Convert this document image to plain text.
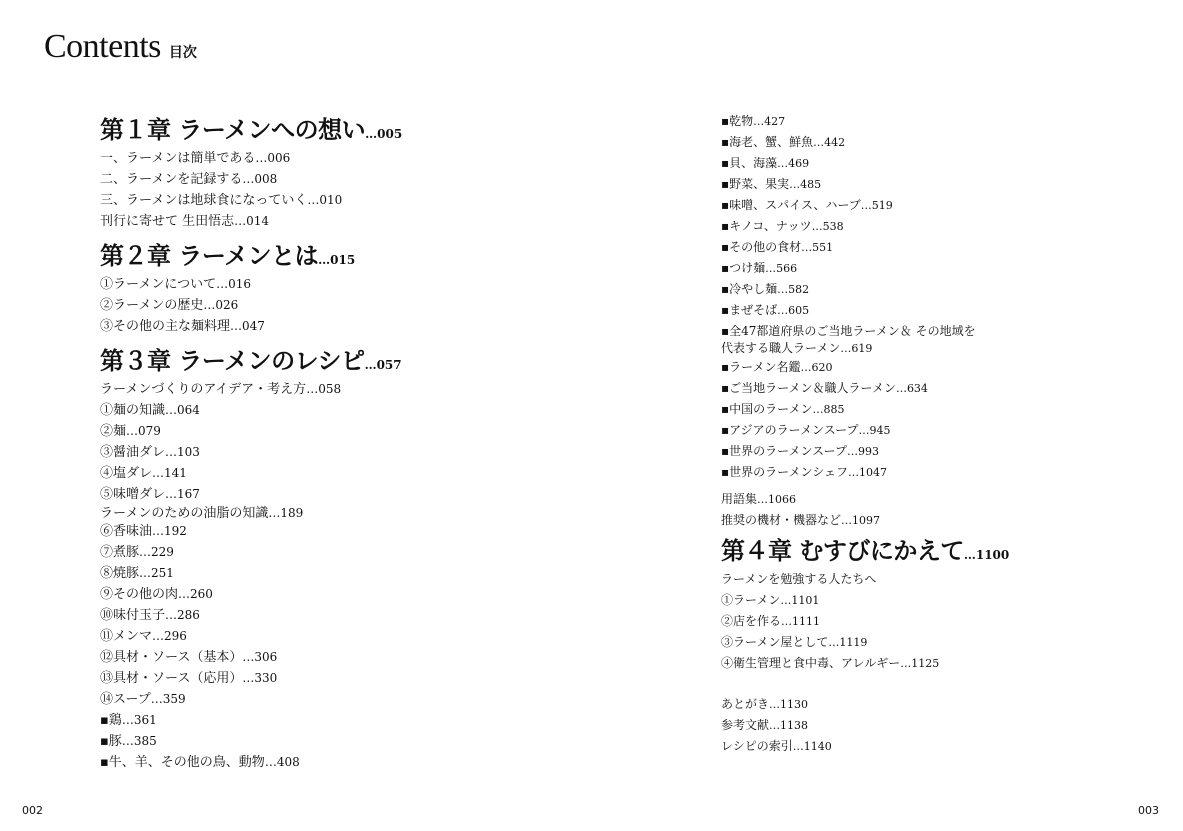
Contents 目次
第１章 ラーメンへの想い …005
一、ラーメンは簡単である…006
二、ラーメンを記録する…008
三、ラーメンは地球食になっていく…010
刊行に寄せて 生田悟志…014
第２章 ラーメンとは …015
①ラーメンについて…016
②ラーメンの歴史…026
③その他の主な麺料理…047
第３章 ラーメンのレシピ …057
ラーメンづくりのアイデア・考え方…058
①麺の知識…064
②麺…079
③醤油ダレ…103
④塩ダレ…141
⑤味噌ダレ…167
ラーメンのための油脂の知識…189
⑥香味油…192
⑦煮豚…229
⑧焼豚…251
⑨その他の肉…260
⑩味付玉子…286
⑪メンマ…296
⑫具材・ソース（基本）…306
⑬具材・ソース（応用）…330
⑭スープ…359
▪鶏…361
▪豚…385
▪牛、羊、その他の鳥、動物…408
▪乾物…427
▪海老、蟹、鮮魚…442
▪貝、海藻…469
▪野菜、果実…485
▪味噌、スパイス、ハーブ…519
▪キノコ、ナッツ…538
▪その他の食材…551
▪つけ麺…566
▪冷やし麺…582
▪まぜそば…605
▪全47都道府県のご当地ラーメン＆ その地域を代表する職人ラーメン…619
▪ラーメン名鑑…620
▪ご当地ラーメン＆職人ラーメン…634
▪中国のラーメン…885
▪アジアのラーメンスープ…945
▪世界のラーメンスープ…993
▪世界のラーメンシェフ…1047
用語集…1066
推奨の機材・機器など…1097
第４章 むすびにかえて …1100
ラーメンを勉強する人たちへ
①ラーメン…1101
②店を作る…1111
③ラーメン屋として…1119
④衛生管理と食中毒、アレルギー…1125
あとがき…1130
参考文献…1138
レシピの索引…1140
002	003
